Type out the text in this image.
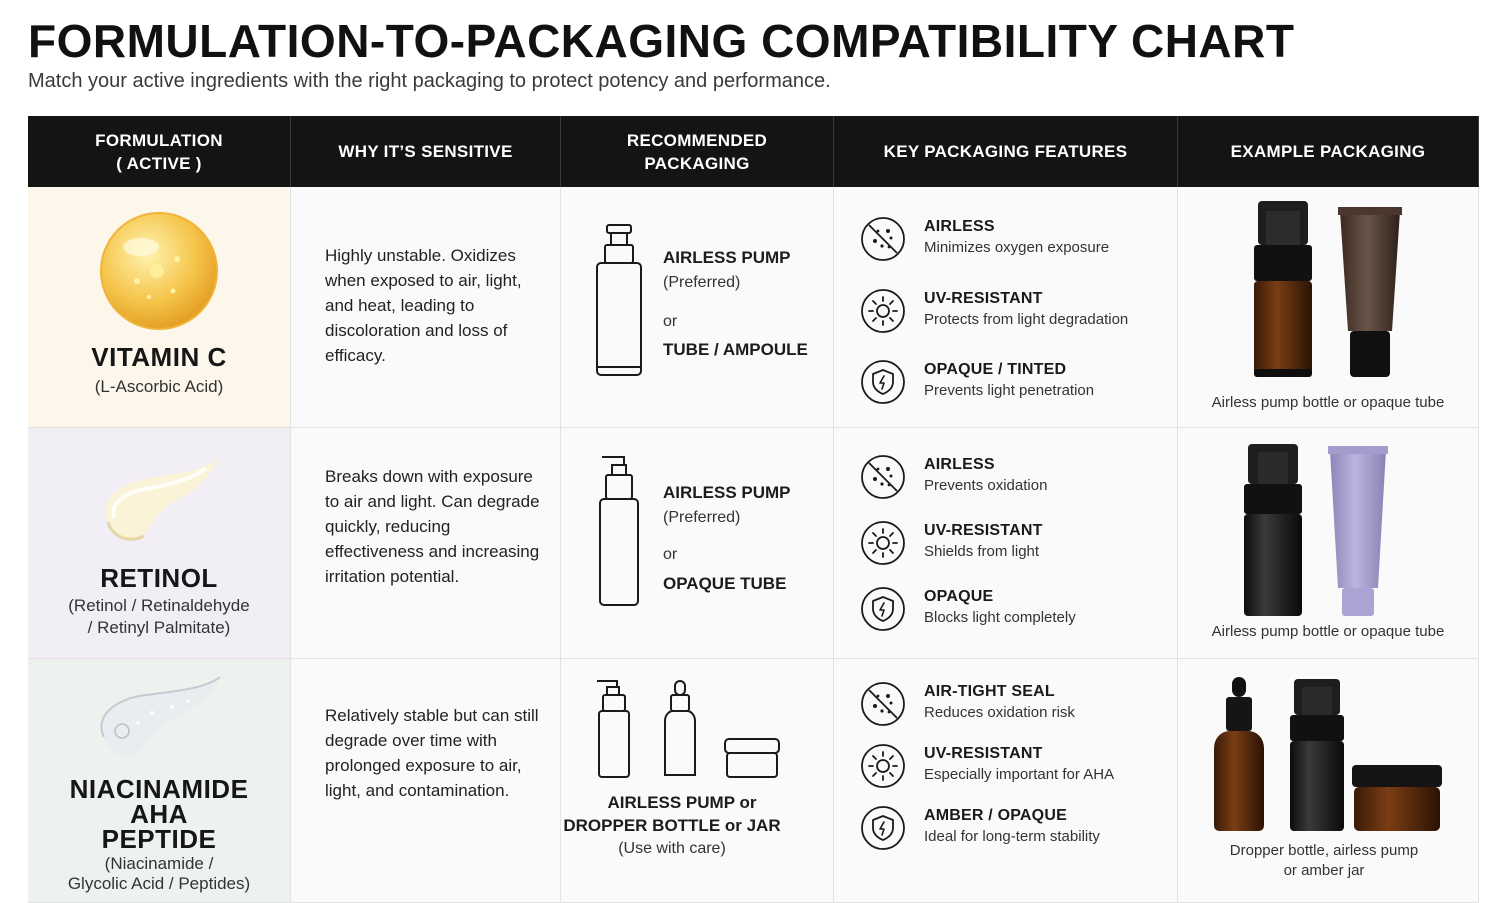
FORMULATION-TO-PACKAGING COMPATIBILITY CHART

Match your active ingredients with the right packaging to protect potency and performance.

FORMULATION
( ACTIVE )
WHY IT’S SENSITIVE
RECOMMENDED
PACKAGING
KEY PACKAGING FEATURES	EXAMPLE PACKAGING
VITAMIN C
(L-Ascorbic Acid)
Highly unstable. Oxidizes when exposed to air, light, and heat, leading to discoloration and loss of efficacy.
AIRLESS PUMP
(Preferred)
or
TUBE / AMPOULE
AIRLESS
Minimizes oxygen exposure
UV-RESISTANT
Protects from light degradation
OPAQUE / TINTED
Prevents light penetration
Airless pump bottle or opaque tube
RETINOL
(Retinol / Retinaldehyde
/ Retinyl Palmitate)
Breaks down with exposure to air and light. Can degrade quickly, reducing effectiveness and increasing irritation potential.
AIRLESS PUMP
(Preferred)
or
OPAQUE TUBE
AIRLESS
Prevents oxidation
UV-RESISTANT
Shields from light
OPAQUE
Blocks light completely
Airless pump bottle or opaque tube
NIACINAMIDE
AHA
PEPTIDE
(Niacinamide /
Glycolic Acid / Peptides)
Relatively stable but can still degrade over time with prolonged exposure to air, light, and contamination.
AIRLESS PUMP or
DROPPER BOTTLE or JAR
(Use with care)
AIR-TIGHT SEAL
Reduces oxidation risk
UV-RESISTANT
Especially important for AHA
AMBER / OPAQUE
Ideal for long-term stability
Dropper bottle, airless pump
or amber jar
